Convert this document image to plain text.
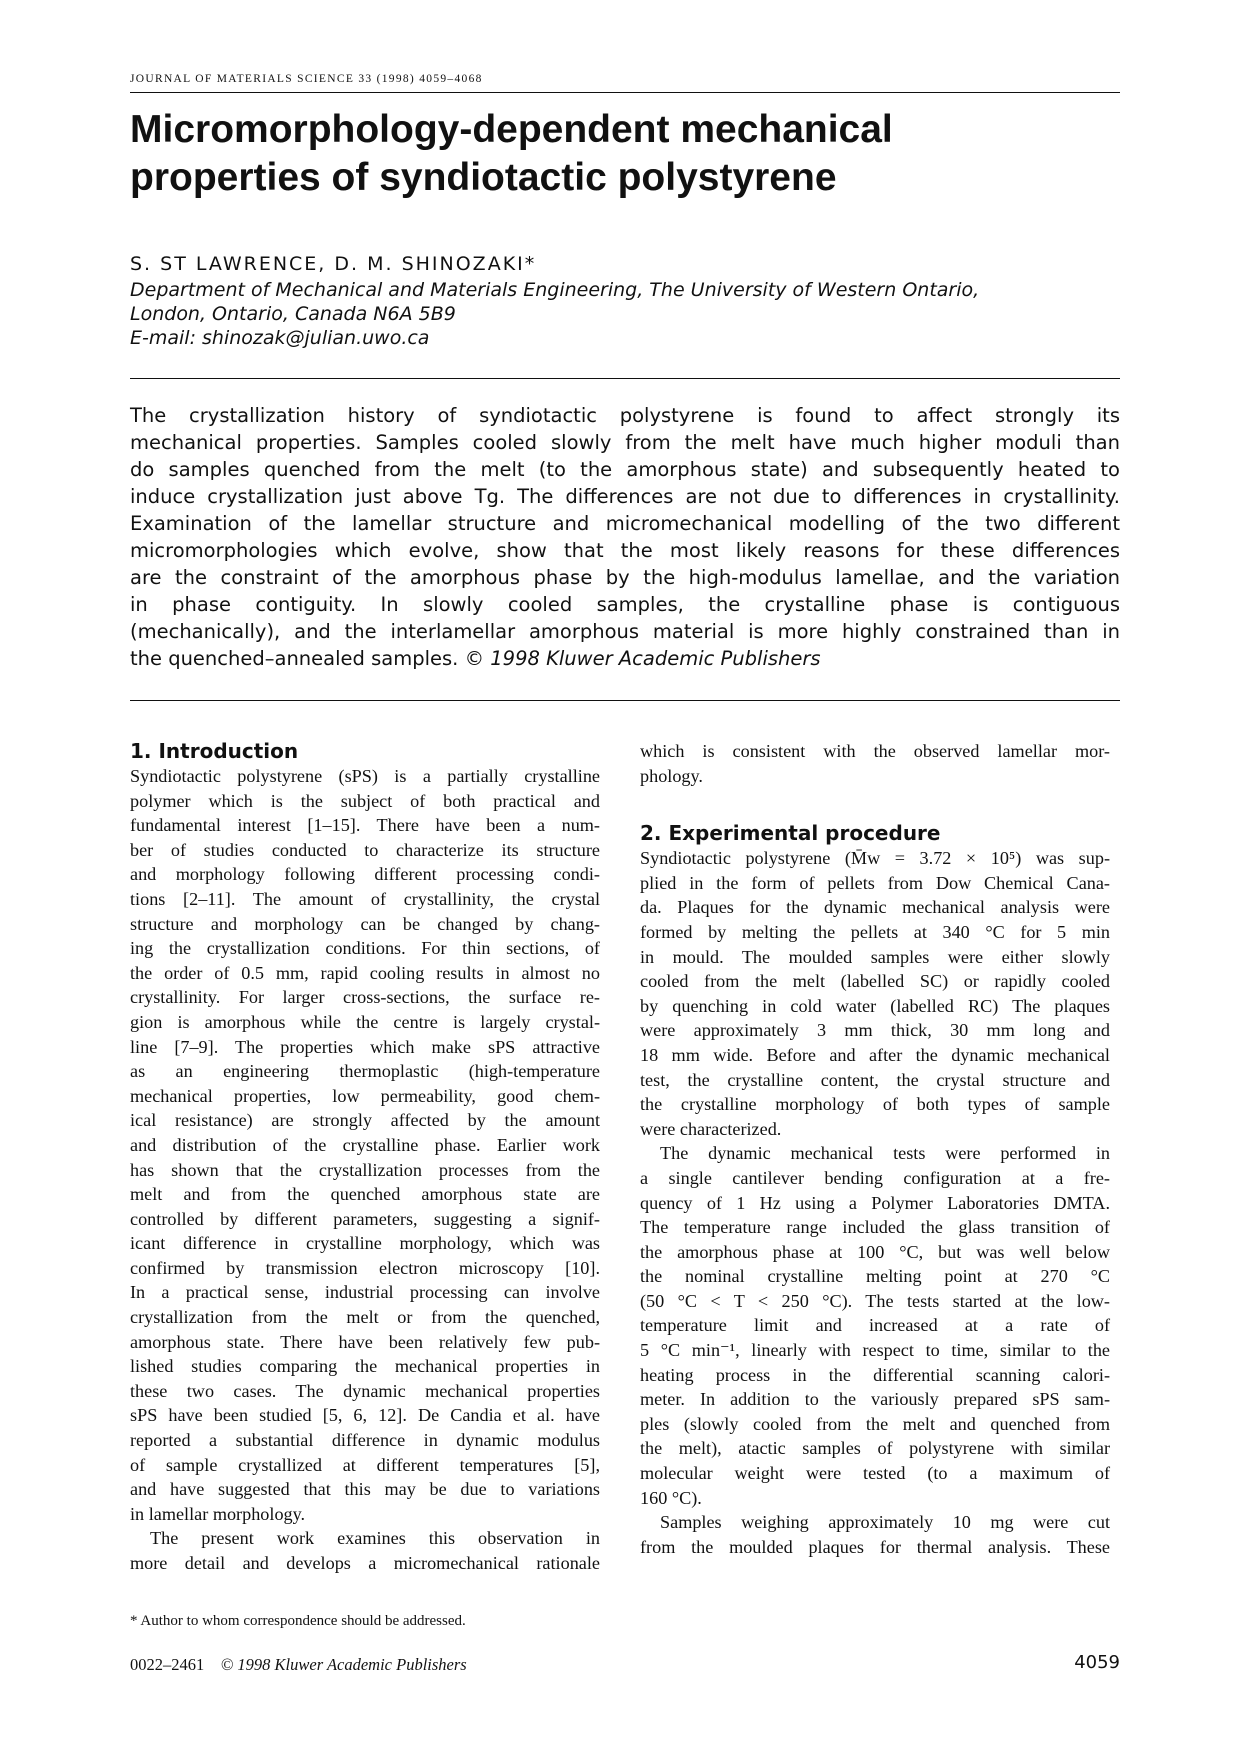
JOURNAL OF MATERIALS SCIENCE 33 (1998) 4059–4068
Micromorphology-dependent mechanical
properties of syndiotactic polystyrene
S. ST LAWRENCE, D. M. SHINOZAKI*
Department of Mechanical and Materials Engineering, The University of Western Ontario,
London, Ontario, Canada N6A 5B9
E-mail: shinozak@julian.uwo.ca
The crystallization history of syndiotactic polystyrene is found to affect strongly its
mechanical properties. Samples cooled slowly from the melt have much higher moduli than
do samples quenched from the melt (to the amorphous state) and subsequently heated to
induce crystallization just above Tg. The differences are not due to differences in crystallinity.
Examination of the lamellar structure and micromechanical modelling of the two different
micromorphologies which evolve, show that the most likely reasons for these differences
are the constraint of the amorphous phase by the high-modulus lamellae, and the variation
in phase contiguity. In slowly cooled samples, the crystalline phase is contiguous
(mechanically), and the interlamellar amorphous material is more highly constrained than in
the quenched–annealed samples. © 1998 Kluwer Academic Publishers
1. Introduction
Syndiotactic polystyrene (sPS) is a partially crystalline
polymer which is the subject of both practical and
fundamental interest [1–15]. There have been a num-
ber of studies conducted to characterize its structure
and morphology following different processing condi-
tions [2–11]. The amount of crystallinity, the crystal
structure and morphology can be changed by chang-
ing the crystallization conditions. For thin sections, of
the order of 0.5 mm, rapid cooling results in almost no
crystallinity. For larger cross-sections, the surface re-
gion is amorphous while the centre is largely crystal-
line [7–9]. The properties which make sPS attractive
as an engineering thermoplastic (high-temperature
mechanical properties, low permeability, good chem-
ical resistance) are strongly affected by the amount
and distribution of the crystalline phase. Earlier work
has shown that the crystallization processes from the
melt and from the quenched amorphous state are
controlled by different parameters, suggesting a signif-
icant difference in crystalline morphology, which was
confirmed by transmission electron microscopy [10].
In a practical sense, industrial processing can involve
crystallization from the melt or from the quenched,
amorphous state. There have been relatively few pub-
lished studies comparing the mechanical properties in
these two cases. The dynamic mechanical properties
sPS have been studied [5, 6, 12]. De Candia et al. have
reported a substantial difference in dynamic modulus
of sample crystallized at different temperatures [5],
and have suggested that this may be due to variations
in lamellar morphology.
The present work examines this observation in
more detail and develops a micromechanical rationale
which is consistent with the observed lamellar mor-
phology.
2. Experimental procedure
Syndiotactic polystyrene (M̄w = 3.72 × 10⁵) was sup-
plied in the form of pellets from Dow Chemical Cana-
da. Plaques for the dynamic mechanical analysis were
formed by melting the pellets at 340 °C for 5 min
in mould. The moulded samples were either slowly
cooled from the melt (labelled SC) or rapidly cooled
by quenching in cold water (labelled RC) The plaques
were approximately 3 mm thick, 30 mm long and
18 mm wide. Before and after the dynamic mechanical
test, the crystalline content, the crystal structure and
the crystalline morphology of both types of sample
were characterized.
The dynamic mechanical tests were performed in
a single cantilever bending configuration at a fre-
quency of 1 Hz using a Polymer Laboratories DMTA.
The temperature range included the glass transition of
the amorphous phase at 100 °C, but was well below
the nominal crystalline melting point at 270 °C
(50 °C < T < 250 °C). The tests started at the low-
temperature limit and increased at a rate of
5 °C min⁻¹, linearly with respect to time, similar to the
heating process in the differential scanning calori-
meter. In addition to the variously prepared sPS sam-
ples (slowly cooled from the melt and quenched from
the melt), atactic samples of polystyrene with similar
molecular weight were tested (to a maximum of
160 °C).
Samples weighing approximately 10 mg were cut
from the moulded plaques for thermal analysis. These
* Author to whom correspondence should be addressed.
0022–2461 © 1998 Kluwer Academic Publishers	4059
